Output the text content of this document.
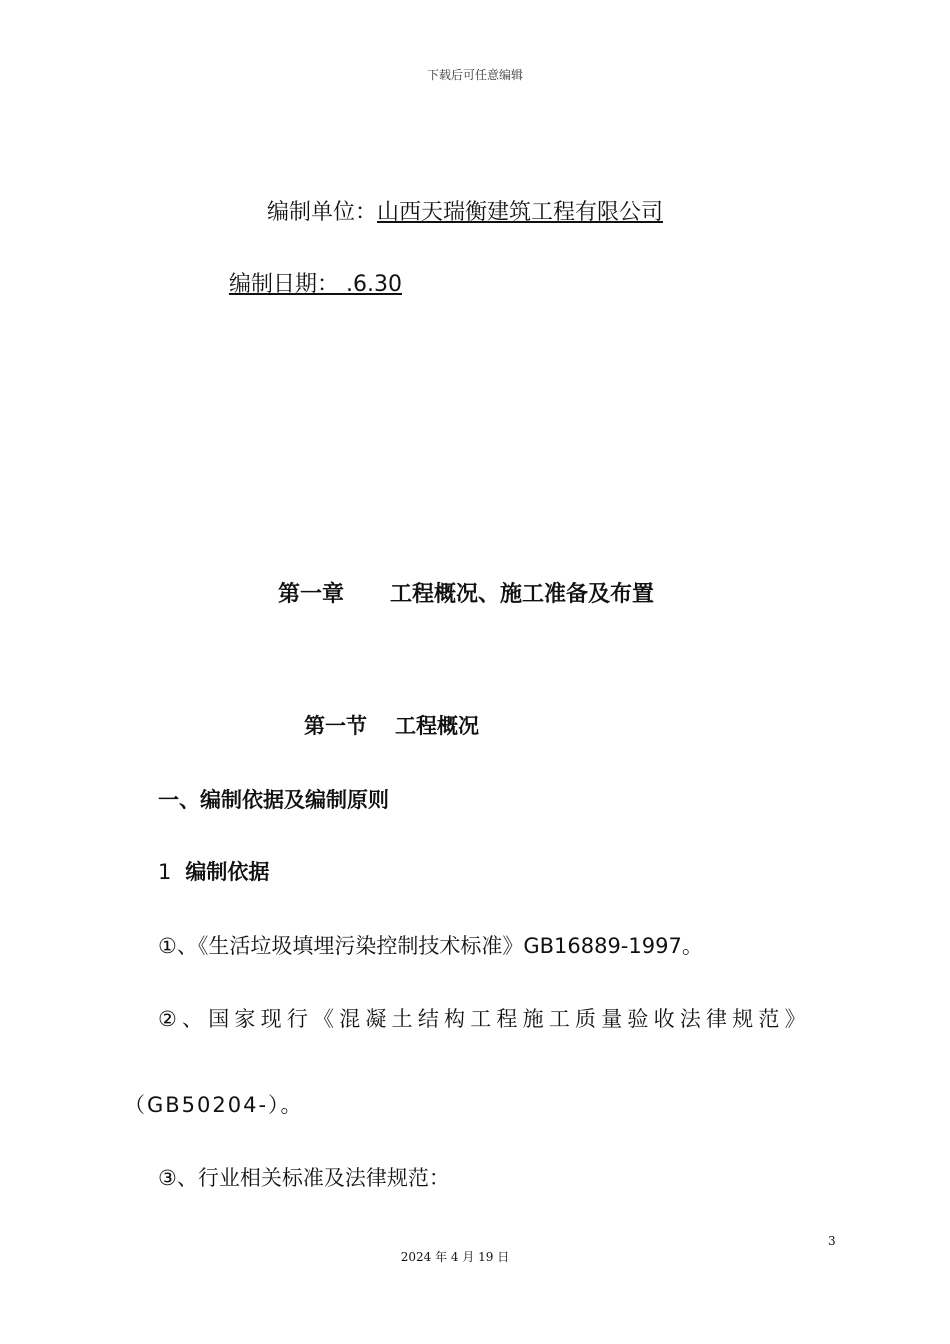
下载后可任意编辑
编制单位：山西天瑞衡建筑工程有限公司
编制日期： .6.30
第一章 工程概况、施工准备及布置
第一节 工程概况
一、编制依据及编制原则
1 编制依据
①、《生活垃圾填埋污染控制技术标准》GB16889-1997。
②、国家现行《混凝土结构工程施工质量验收法律规范》
（GB50204-）。
③、行业相关标准及法律规范：
3
2024 年 4 月 19 日
